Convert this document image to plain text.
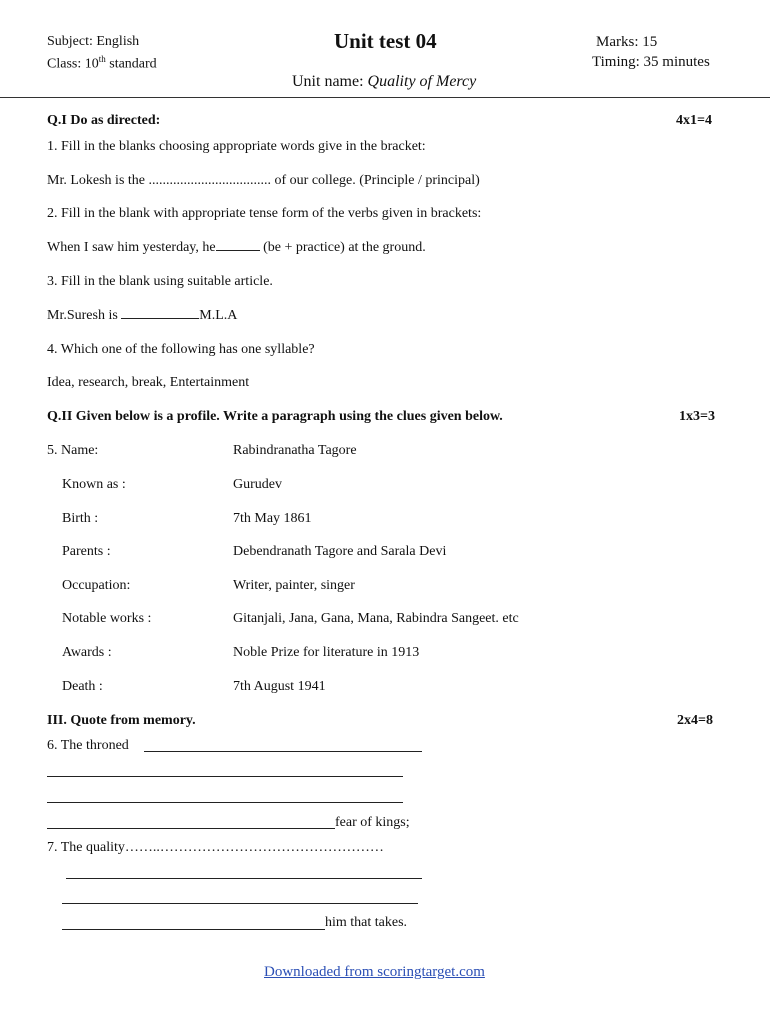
Subject: English
Class: 10th standard
Unit test 04	Marks: 15
Timing: 35 minutes
Unit name: Quality of Mercy
Q.I Do as directed:	4x1=4
1. Fill in the blanks choosing appropriate words give in the bracket:
Mr. Lokesh is the ................................... of our college. (Principle / principal)
2. Fill in the blank with appropriate tense form of the verbs given in brackets:
When I saw him yesterday, he	(be + practice) at the ground.
3. Fill in the blank using suitable article.
Mr.Suresh is	M.L.A
4. Which one of the following has one syllable?
Idea, research, break, Entertainment
Q.II Given below is a profile. Write a paragraph using the clues given below.	1x3=3
5. Name:	Rabindranatha Tagore
Known as :	Gurudev
Birth :	7th May 1861
Parents :	Debendranath Tagore and Sarala Devi
Occupation:	Writer, painter, singer
Notable works :	Gitanjali, Jana, Gana, Mana, Rabindra Sangeet. etc
Awards :	Noble Prize for literature in 1913
Death :	7th August 1941
III. Quote from memory.	2x4=8
6. The throned
fear of kings;
7. The quality……..…………………………………………
him that takes.
Downloaded from scoringtarget.com
